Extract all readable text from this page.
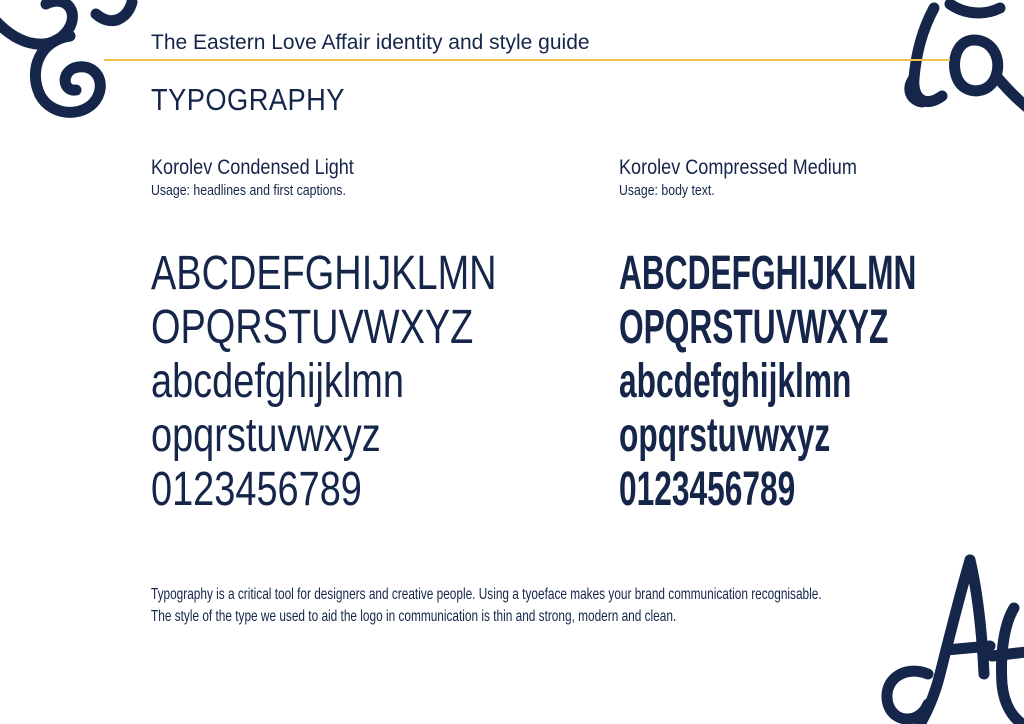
The Eastern Love Affair identity and style guide
TYPOGRAPHY
Korolev Condensed Light
Usage: headlines and first captions.
Korolev Compressed Medium
Usage: body text.
ABCDEFGHIJKLMN
OPQRSTUVWXYZ
abcdefghijklmn
opqrstuvwxyz
0123456789
ABCDEFGHIJKLMN
OPQRSTUVWXYZ
abcdefghijklmn
opqrstuvwxyz
0123456789
Typography is a critical tool for designers and creative people. Using a tyoeface makes your brand communication recognisable.
The style of the type we used to aid the logo in communication is thin and strong, modern and clean.
